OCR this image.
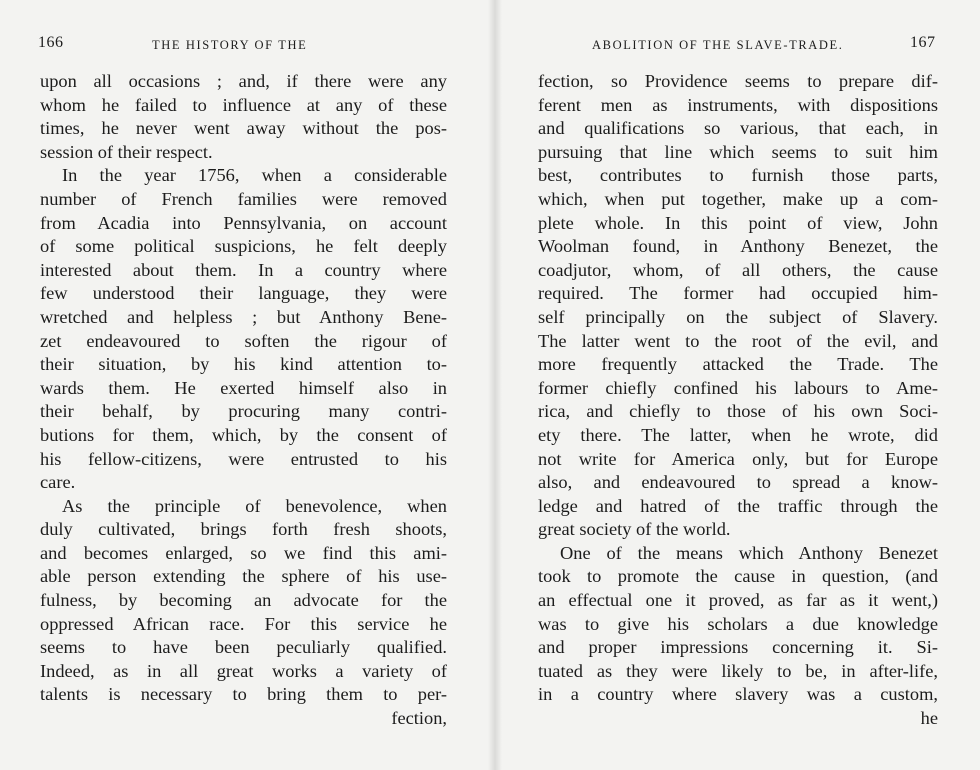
166	THE HISTORY OF THE
upon all occasions ; and, if there were any
whom he failed to influence at any of these
times, he never went away without the pos-
session of their respect.
In the year 1756, when a considerable
number of French families were removed
from Acadia into Pennsylvania, on account
of some political suspicions, he felt deeply
interested about them. In a country where
few understood their language, they were
wretched and helpless ; but Anthony Bene-
zet endeavoured to soften the rigour of
their situation, by his kind attention to-
wards them. He exerted himself also in
their behalf, by procuring many contri-
butions for them, which, by the consent of
his fellow-citizens, were entrusted to his
care.
As the principle of benevolence, when
duly cultivated, brings forth fresh shoots,
and becomes enlarged, so we find this ami-
able person extending the sphere of his use-
fulness, by becoming an advocate for the
oppressed African race. For this service he
seems to have been peculiarly qualified.
Indeed, as in all great works a variety of
talents is necessary to bring them to per-
fection,
ABOLITION OF THE SLAVE-TRADE.	167
fection, so Providence seems to prepare dif-
ferent men as instruments, with dispositions
and qualifications so various, that each, in
pursuing that line which seems to suit him
best, contributes to furnish those parts,
which, when put together, make up a com-
plete whole. In this point of view, John
Woolman found, in Anthony Benezet, the
coadjutor, whom, of all others, the cause
required. The former had occupied him-
self principally on the subject of Slavery.
The latter went to the root of the evil, and
more frequently attacked the Trade. The
former chiefly confined his labours to Ame-
rica, and chiefly to those of his own Soci-
ety there. The latter, when he wrote, did
not write for America only, but for Europe
also, and endeavoured to spread a know-
ledge and hatred of the traffic through the
great society of the world.
One of the means which Anthony Benezet
took to promote the cause in question, (and
an effectual one it proved, as far as it went,)
was to give his scholars a due knowledge
and proper impressions concerning it. Si-
tuated as they were likely to be, in after-life,
in a country where slavery was a custom,
he
